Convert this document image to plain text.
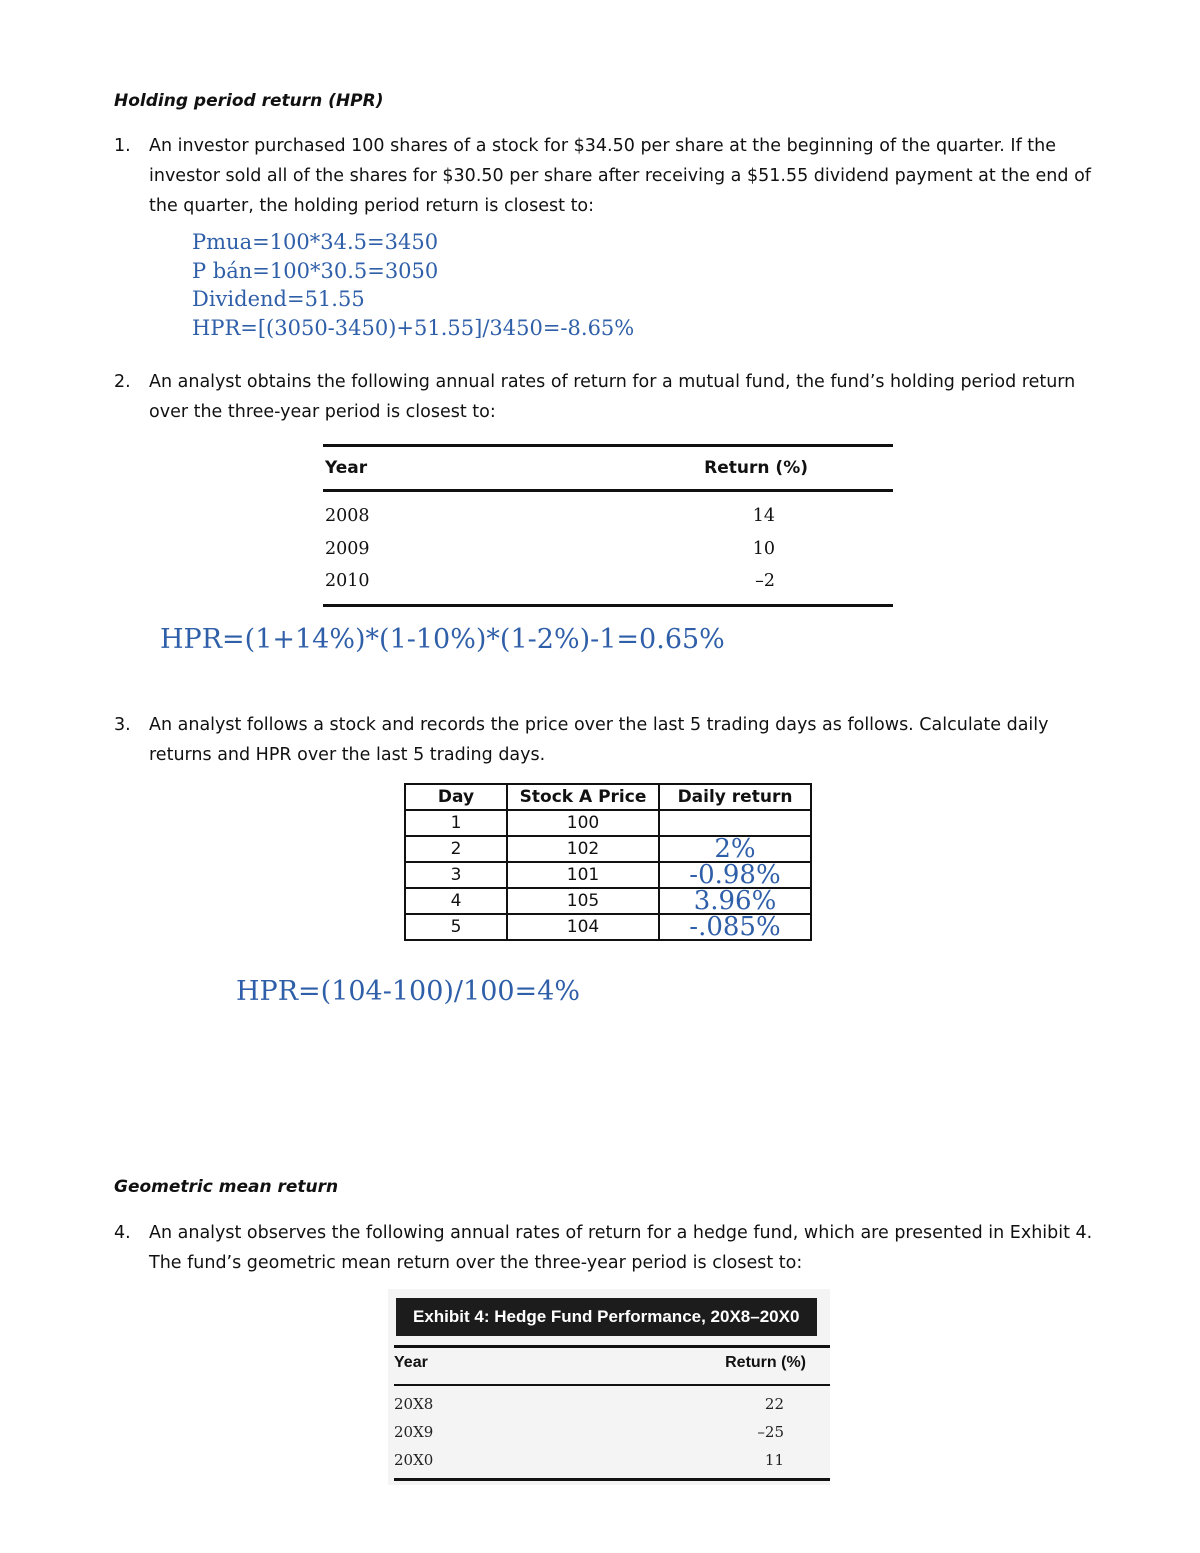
Holding period return (HPR)
1. An investor purchased 100 shares of a stock for $34.50 per share at the beginning of the quarter. If the investor sold all of the shares for $30.50 per share after receiving a $51.55 dividend payment at the end of the quarter, the holding period return is closest to:
Pmua=100*34.5=3450
P bán=100*30.5=3050
Dividend=51.55
HPR=[(3050-3450)+51.55]/3450=-8.65%
2. An analyst obtains the following annual rates of return for a mutual fund, the fund’s holding period return over the three-year period is closest to:
Year	Return (%)
2008	14
2009	10
2010	–2
HPR=(1+14%)*(1-10%)*(1-2%)-1=0.65%
3. An analyst follows a stock and records the price over the last 5 trading days as follows. Calculate daily returns and HPR over the last 5 trading days.
Day	Stock A Price	Daily return
1	100	
2	102	2%
3	101	-0.98%
4	105	3.96%
5	104	-.085%
HPR=(104-100)/100=4%
Geometric mean return
4. An analyst observes the following annual rates of return for a hedge fund, which are presented in Exhibit 4. The fund’s geometric mean return over the three-year period is closest to:
Exhibit 4: Hedge Fund Performance, 20X8–20X0
Year	Return (%)
20X8	22
20X9	–25
20X0	11
